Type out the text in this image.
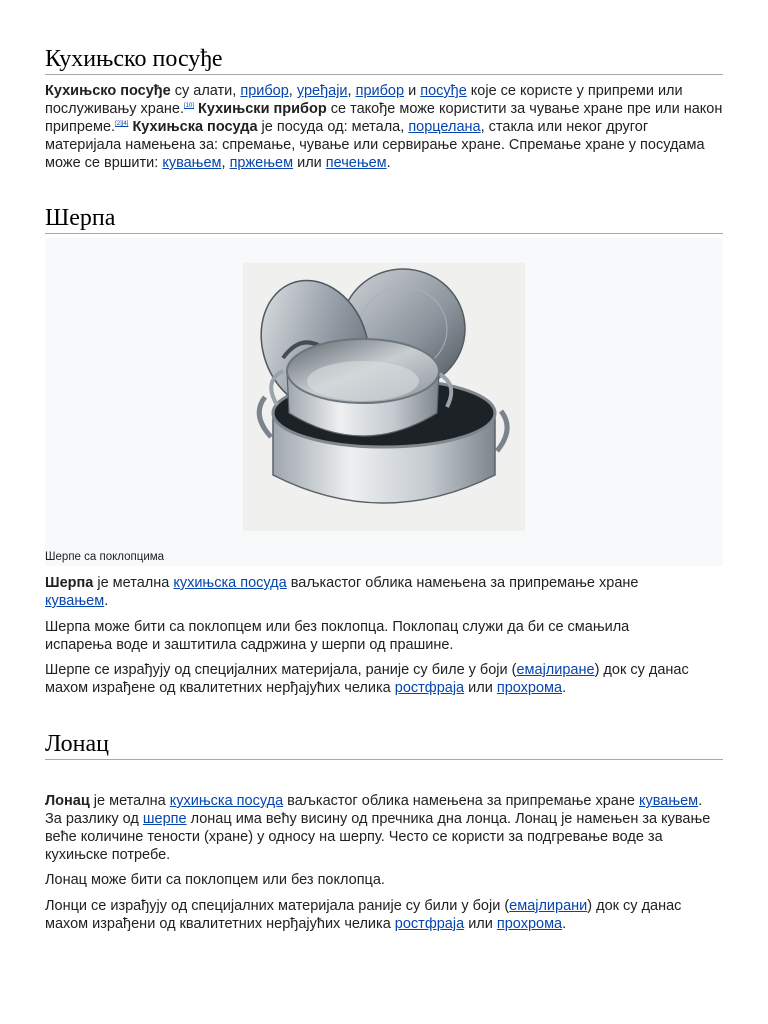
Кухињско посуђе

Кухињско посуђе су алати, прибор, уређаји, прибор и посуђе које се користе у припреми или послуживању хране.[10] Кухињски прибор се такође може користити за чување хране пре или након припреме.[2][4] Кухињска посуда је посуда од: метала, порцелана, стакла или неког другог материјала намењена за: спремање, чување или сервирање хране. Спремање хране у посудама може се вршити: кувањем, пржењем или печењем.

Шерпа
Шерпе са поклопцима

Шерпа је метална кухињска посуда ваљкастог облика намењена за припремање хране кувањем.

Шерпа може бити са поклопцем или без поклопца. Поклопац служи да би се смањила испарења воде и заштитила садржина у шерпи од прашине.

Шерпе се израђују од специјалних материјала, раније су биле у боји (емајлиране) док су данас махом израђене од квалитетних нерђајућих челика ростфраја или прохрома.

Лонац

Лонац је метална кухињска посуда ваљкастог облика намењена за припремање хране кувањем. За разлику од шерпе лонац има већу висину од пречника дна лонца. Лонац је намењен за кување веће количине тености (хране) у односу на шерпу. Често се користи за подгревање воде за кухињске потребе.

Лонац може бити са поклопцем или без поклопца.

Лонци се израђују од специјалних материјала раније су били у боји (емајлирани) док су данас махом израђени од квалитетних нерђајућих челика ростфраја или прохрома.
